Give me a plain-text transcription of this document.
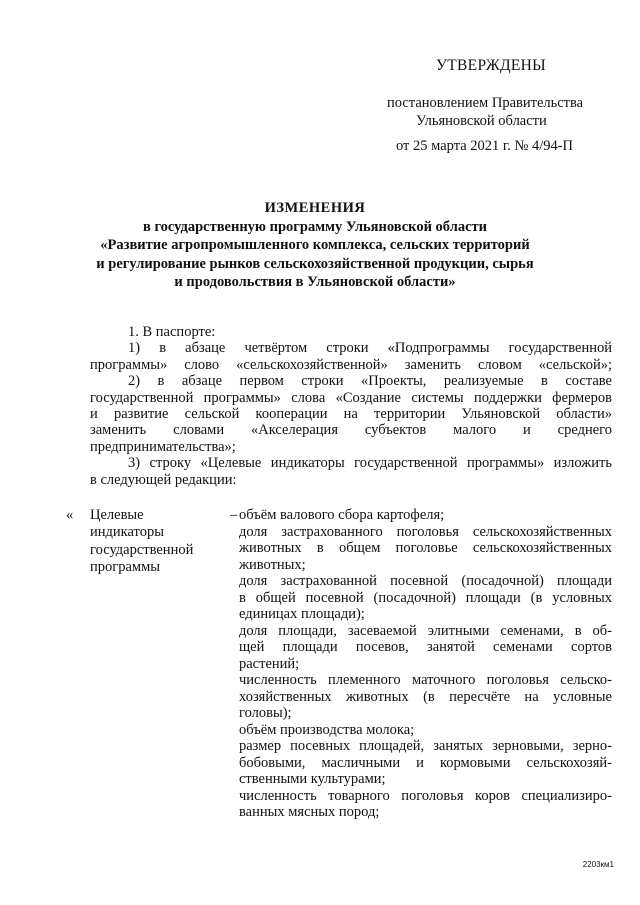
УТВЕРЖДЕНЫ
постановлением Правительства
Ульяновской области
от 25 марта 2021 г. № 4/94-П
ИЗМЕНЕНИЯ
в государственную программу Ульяновской области
«Развитие агропромышленного комплекса, сельских территорий
и регулирование рынков сельскохозяйственной продукции, сырья
и продовольствия в Ульяновской области»
1. В паспорте:
1) в абзаце четвёртом строки «Подпрограммы государственной
программы» слово «сельскохозяйственной» заменить словом «сельской»;
2) в абзаце первом строки «Проекты, реализуемые в составе
государственной программы» слова «Создание системы поддержки фермеров
и развитие сельской кооперации на территории Ульяновской области»
заменить словами «Акселерация субъектов малого и среднего
предпринимательства»;
3) строку «Целевые индикаторы государственной программы» изложить
в следующей редакции:
« Целевые
индикаторы
государственной
программы
– объём валового сбора картофеля;
доля застрахованного поголовья сельскохозяйственных
животных в общем поголовье сельскохозяйственных
животных;
доля застрахованной посевной (посадочной) площади
в общей посевной (посадочной) площади (в условных
единицах площади);
доля площади, засеваемой элитными семенами, в об-
щей площади посевов, занятой семенами сортов
растений;
численность племенного маточного поголовья сельско-
хозяйственных животных (в пересчёте на условные
головы);
объём производства молока;
размер посевных площадей, занятых зерновыми, зерно-
бобовыми, масличными и кормовыми сельскохозяй-
ственными культурами;
численность товарного поголовья коров специализиро-
ванных мясных пород;
2203км1
